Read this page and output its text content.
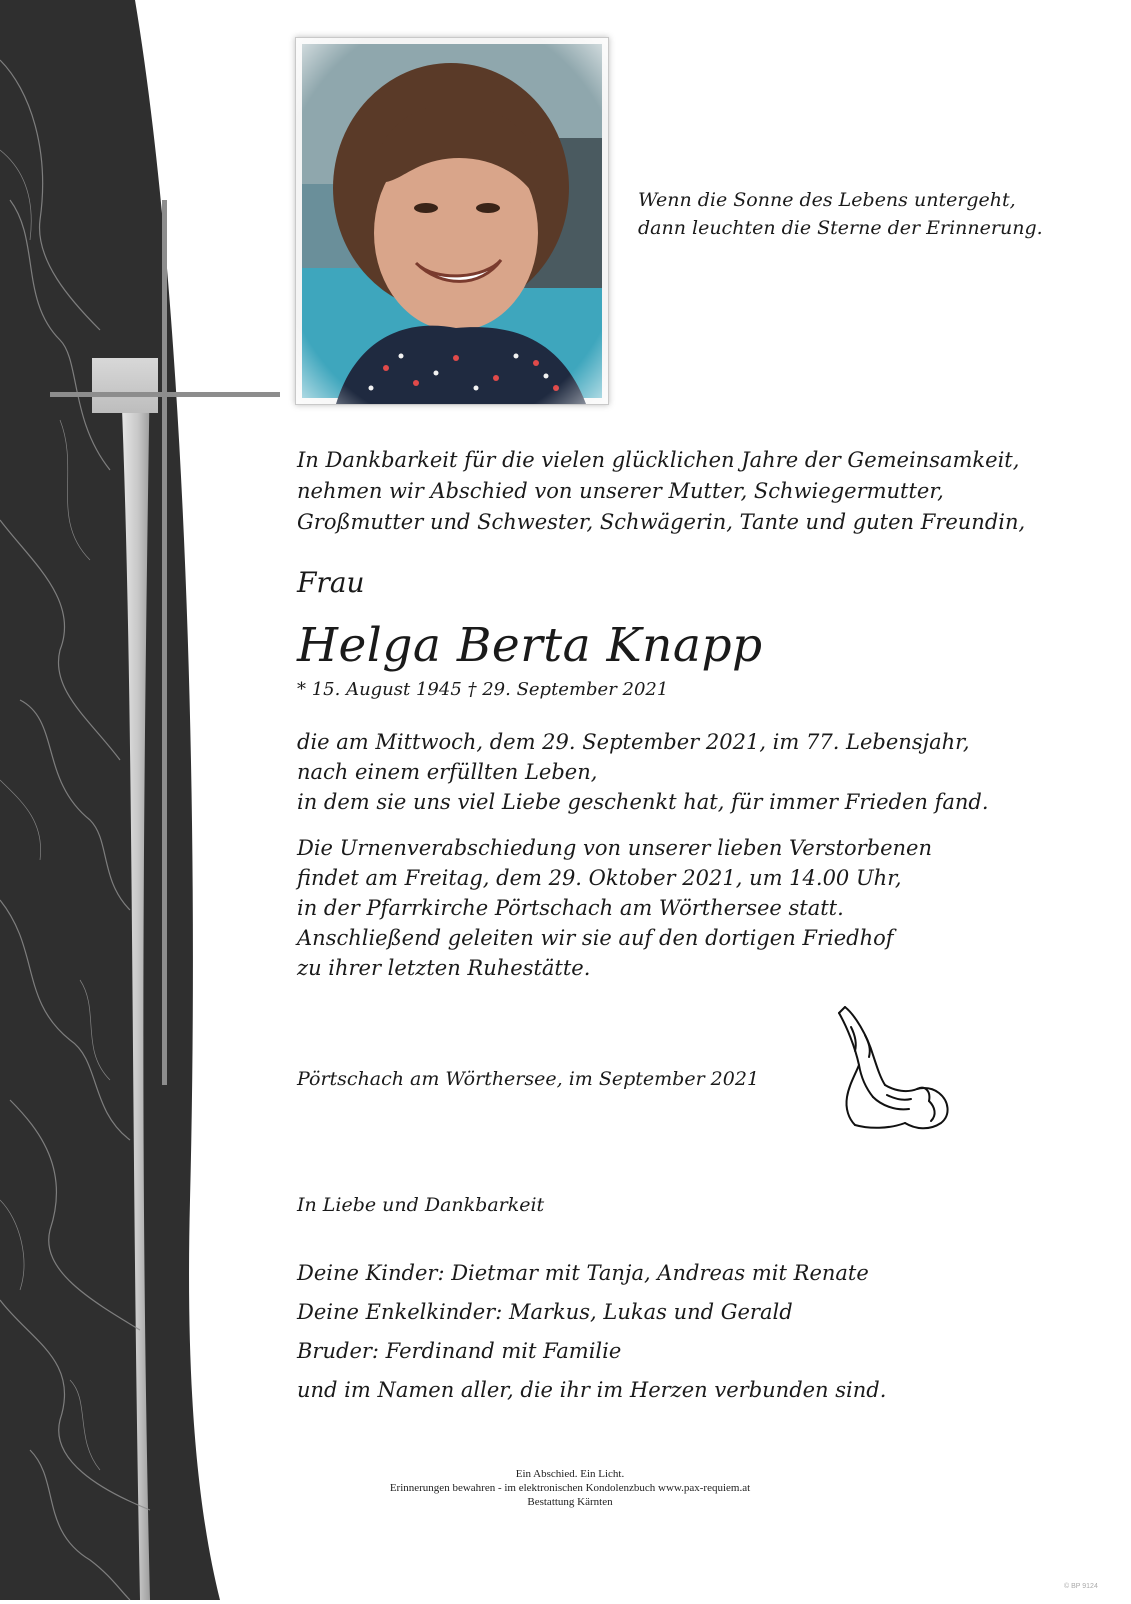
Wenn die Sonne des Lebens untergeht,
dann leuchten die Sterne der Erinnerung.
In Dankbarkeit für die vielen glücklichen Jahre der Gemeinsamkeit,
nehmen wir Abschied von unserer Mutter, Schwiegermutter,
Großmutter und Schwester, Schwägerin, Tante und guten Freundin,
Frau
Helga Berta Knapp
* 15. August 1945 † 29. September 2021
die am Mittwoch, dem 29. September 2021, im 77. Lebensjahr,
nach einem erfüllten Leben,
in dem sie uns viel Liebe geschenkt hat, für immer Frieden fand.
Die Urnenverabschiedung von unserer lieben Verstorbenen
findet am Freitag, dem 29. Oktober 2021, um 14.00 Uhr,
in der Pfarrkirche Pörtschach am Wörthersee statt.
Anschließend geleiten wir sie auf den dortigen Friedhof
zu ihrer letzten Ruhestätte.
Pörtschach am Wörthersee, im September 2021
In Liebe und Dankbarkeit
Deine Kinder: Dietmar mit Tanja, Andreas mit Renate
Deine Enkelkinder: Markus, Lukas und Gerald
Bruder: Ferdinand mit Familie
und im Namen aller, die ihr im Herzen verbunden sind.
Ein Abschied. Ein Licht.
Erinnerungen bewahren - im elektronischen Kondolenzbuch www.pax-requiem.at
Bestattung Kärnten
© BP 9124
